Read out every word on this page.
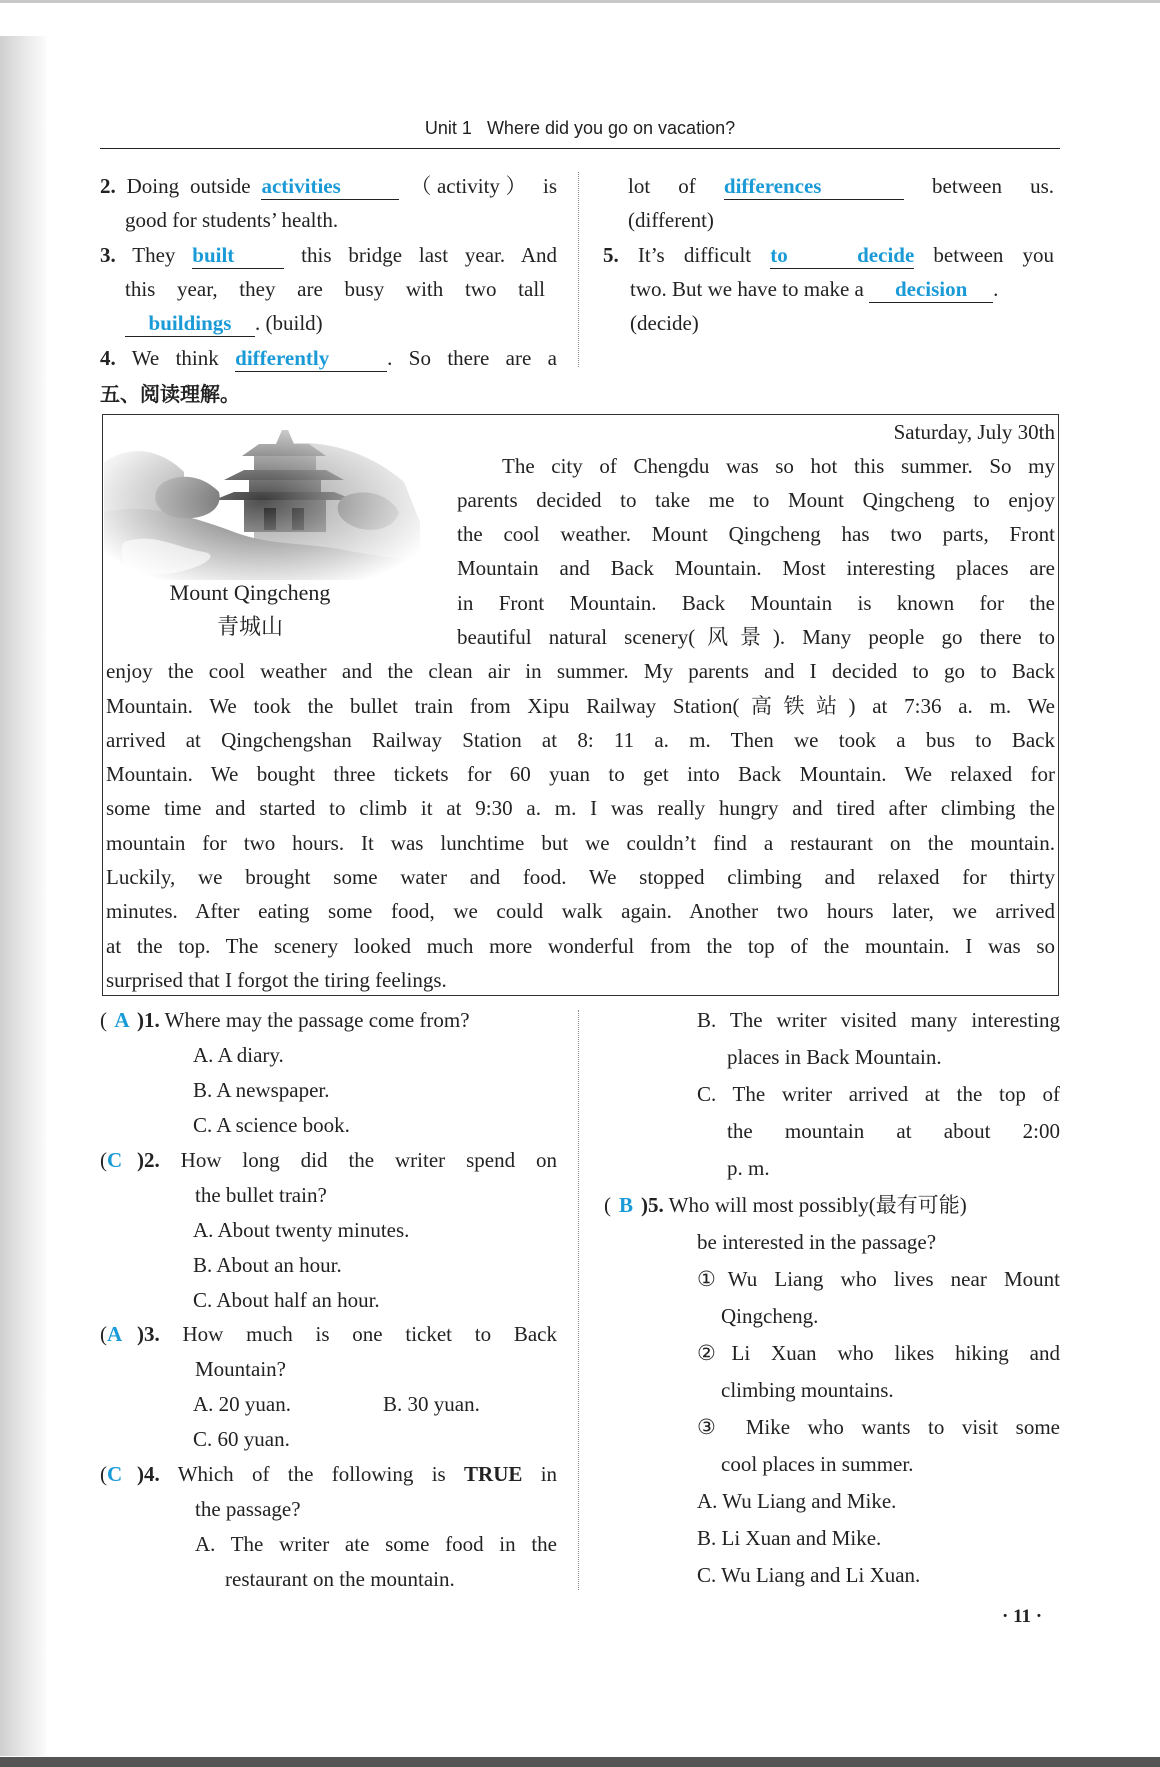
Unit 1 Where did you go on vacation?
2. Doing outside activities	（activity） is
good for students’ health.
3. They built	this bridge last year. And
this year, they are busy with two tall
buildings . (build)
4. We think differently	. So there are a
lot of differences	between us.
(different)
5. It’s difficult to decide between you
two. But we have to make a decision .
(decide)
五、阅读理解。
Mount Qingcheng
青城山
Saturday, July 30th
The city of Chengdu was so hot this summer. So my
parents decided to take me to Mount Qingcheng to enjoy
the cool weather. Mount Qingcheng has two parts, Front
Mountain and Back Mountain. Most interesting places are
in Front Mountain. Back Mountain is known for the
beautiful natural scenery(风景). Many people go there to
enjoy the cool weather and the clean air in summer. My parents and I decided to go to Back
Mountain. We took the bullet train from Xipu Railway Station(高铁站) at 7:36 a. m. We
arrived at Qingchengshan Railway Station at 8: 11 a. m. Then we took a bus to Back
Mountain. We bought three tickets for 60 yuan to get into Back Mountain. We relaxed for
some time and started to climb it at 9:30 a. m. I was really hungry and tired after climbing the
mountain for two hours. It was lunchtime but we couldn’t find a restaurant on the mountain.
Luckily, we brought some water and food. We stopped climbing and relaxed for thirty
minutes. After eating some food, we could walk again. Another two hours later, we arrived
at the top. The scenery looked much more wonderful from the top of the mountain. I was so
surprised that I forgot the tiring feelings.
( A )1. Where may the passage come from?
A. A diary.
B. A newspaper.
C. A science book.
(C )2. How long did the writer spend on
the bullet train?
A. About twenty minutes.
B. About an hour.
C. About half an hour.
(A )3. How much is one ticket to Back
Mountain?
A. 20 yuan.	B. 30 yuan.
C. 60 yuan.
(C )4. Which of the following is TRUE in
the passage?
A. The writer ate some food in the
restaurant on the mountain.
B. The writer visited many interesting
places in Back Mountain.
C. The writer arrived at the top of
the mountain at about 2:00
p. m.
( B )5. Who will most possibly(最有可能)
be interested in the passage?
①Wu Liang who lives near Mount
Qingcheng.
②Li Xuan who likes hiking and
climbing mountains.
③ Mike who wants to visit some
cool places in summer.
A. Wu Liang and Mike.
B. Li Xuan and Mike.
C. Wu Liang and Li Xuan.
· 11 ·
